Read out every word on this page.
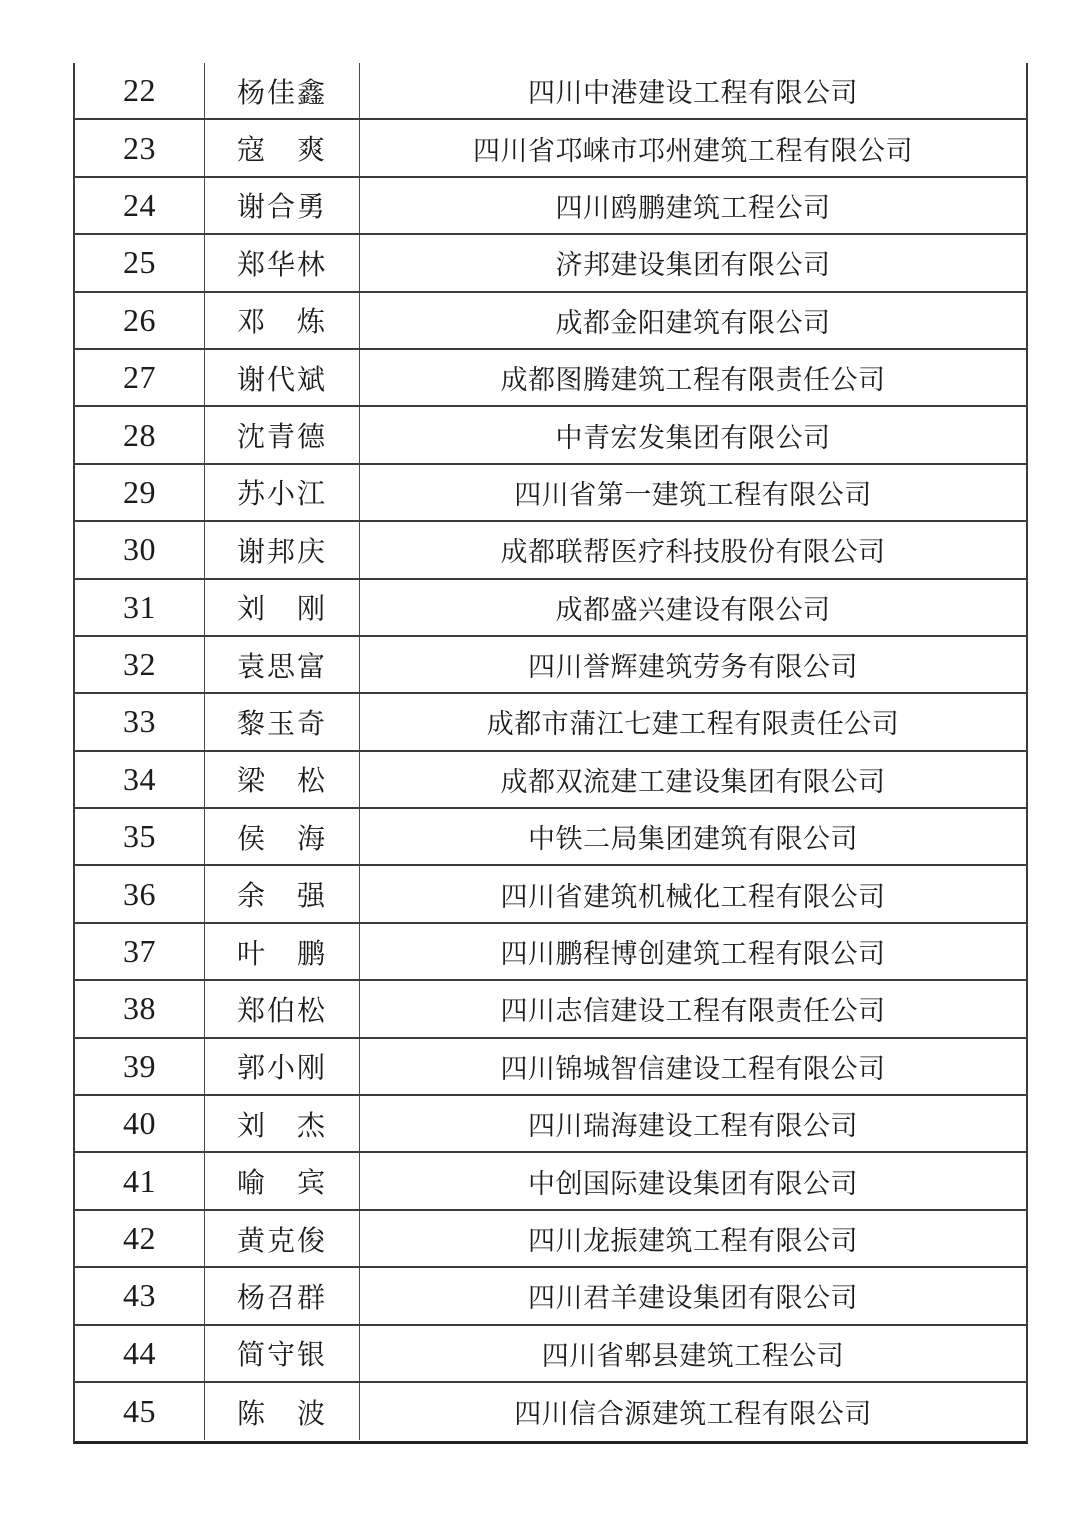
22	杨佳鑫	四川中港建设工程有限公司
23	寇　爽	四川省邛崃市邛州建筑工程有限公司
24	谢合勇	四川鸥鹏建筑工程公司
25	郑华林	济邦建设集团有限公司
26	邓　炼	成都金阳建筑有限公司
27	谢代斌	成都图腾建筑工程有限责任公司
28	沈青德	中青宏发集团有限公司
29	苏小江	四川省第一建筑工程有限公司
30	谢邦庆	成都联帮医疗科技股份有限公司
31	刘　刚	成都盛兴建设有限公司
32	袁思富	四川誉辉建筑劳务有限公司
33	黎玉奇	成都市蒲江七建工程有限责任公司
34	梁　松	成都双流建工建设集团有限公司
35	侯　海	中铁二局集团建筑有限公司
36	余　强	四川省建筑机械化工程有限公司
37	叶　鹏	四川鹏程博创建筑工程有限公司
38	郑伯松	四川志信建设工程有限责任公司
39	郭小刚	四川锦城智信建设工程有限公司
40	刘　杰	四川瑞海建设工程有限公司
41	喻　宾	中创国际建设集团有限公司
42	黄克俊	四川龙振建筑工程有限公司
43	杨召群	四川君羊建设集团有限公司
44	简守银	四川省郫县建筑工程公司
45	陈　波	四川信合源建筑工程有限公司
